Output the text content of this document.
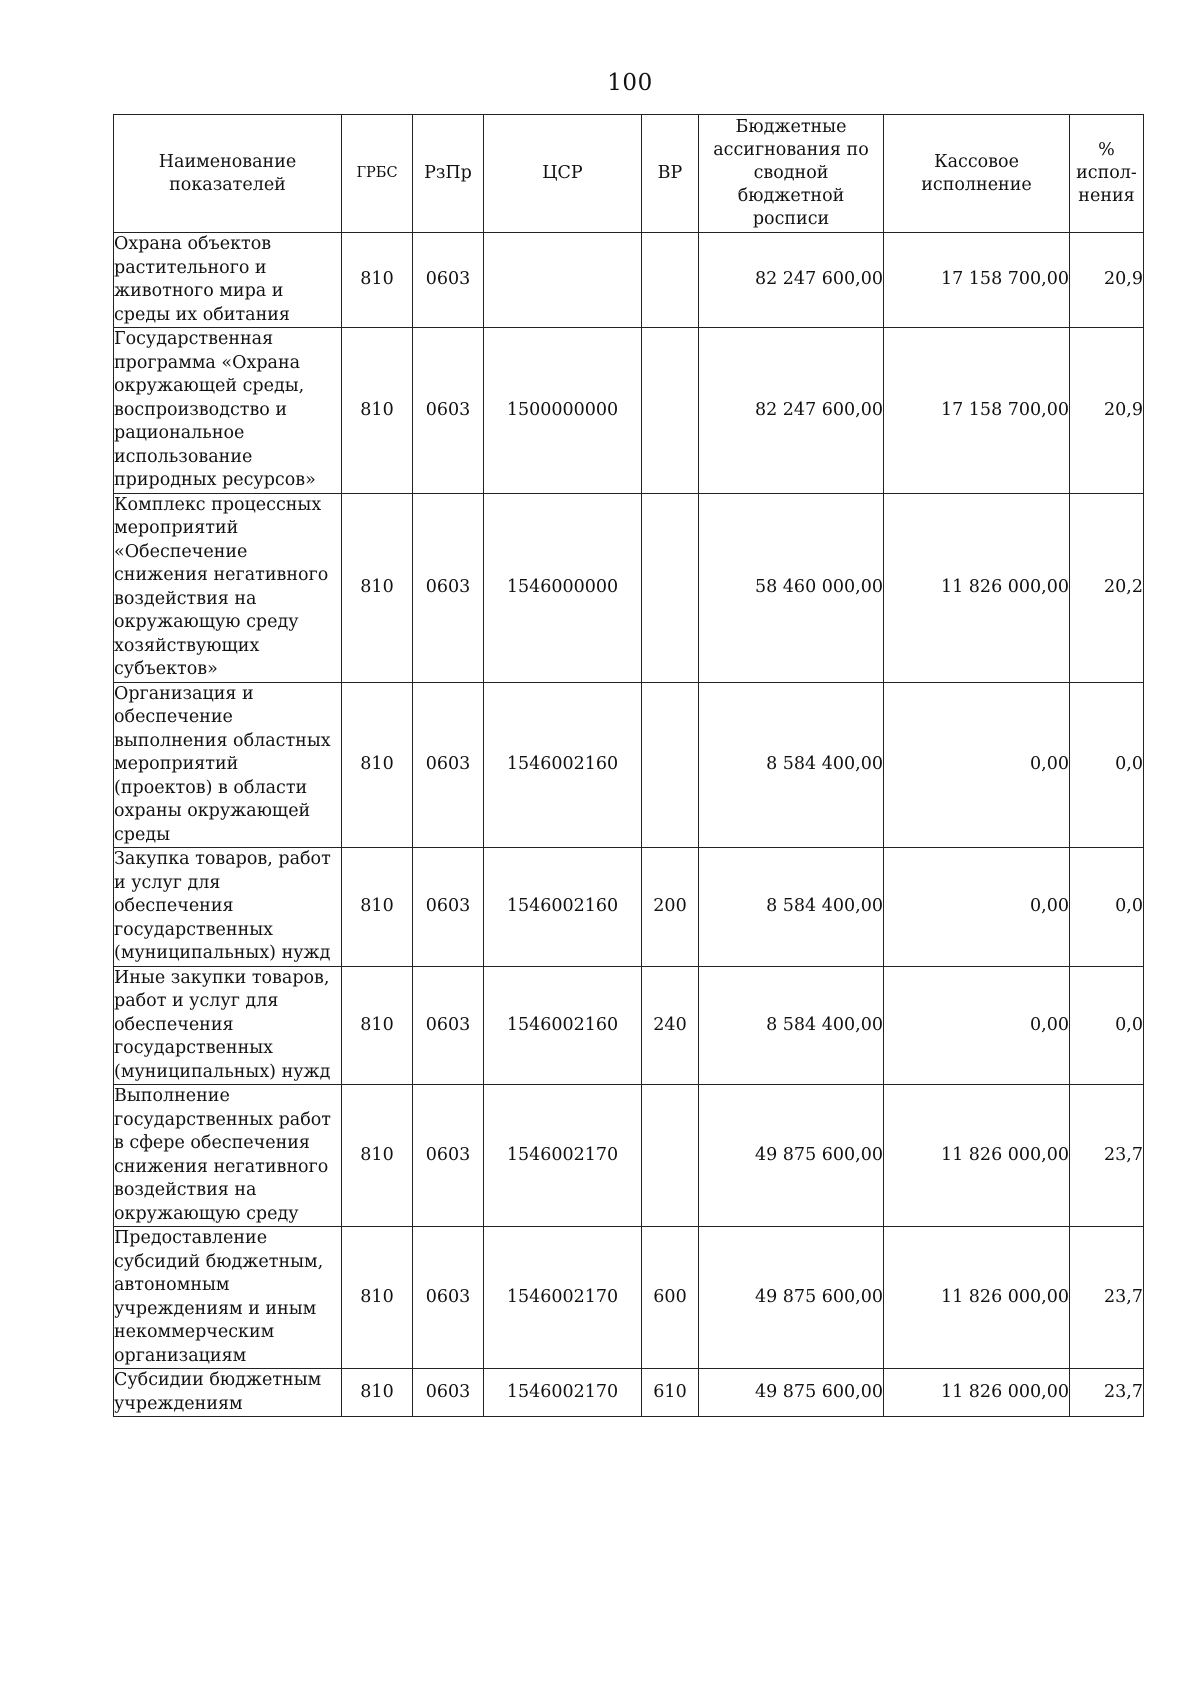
100
Наименование показателей	ГРБС	РзПр	ЦСР	ВР	Бюджетные ассигнования по сводной бюджетной росписи	Кассовое исполнение	% испол-нения
Охрана объектов растительного и животного мира и среды их обитания	810	0603			82 247 600,00	17 158 700,00	20,9
Государственная программа «Охрана окружающей среды, воспроизводство и рациональное использование природных ресурсов»	810	0603	1500000000		82 247 600,00	17 158 700,00	20,9
Комплекс процессных мероприятий «Обеспечение снижения негативного воздействия на окружающую среду хозяйствующих субъектов»	810	0603	1546000000		58 460 000,00	11 826 000,00	20,2
Организация и обеспечение выполнения областных мероприятий (проектов) в области охраны окружающей среды	810	0603	1546002160		8 584 400,00	0,00	0,0
Закупка товаров, работ и услуг для обеспечения государственных (муниципальных) нужд	810	0603	1546002160	200	8 584 400,00	0,00	0,0
Иные закупки товаров, работ и услуг для обеспечения государственных (муниципальных) нужд	810	0603	1546002160	240	8 584 400,00	0,00	0,0
Выполнение государственных работ в сфере обеспечения снижения негативного воздействия на окружающую среду	810	0603	1546002170		49 875 600,00	11 826 000,00	23,7
Предоставление субсидий бюджетным, автономным учреждениям и иным некоммерческим организациям	810	0603	1546002170	600	49 875 600,00	11 826 000,00	23,7
Субсидии бюджетным учреждениям	810	0603	1546002170	610	49 875 600,00	11 826 000,00	23,7
